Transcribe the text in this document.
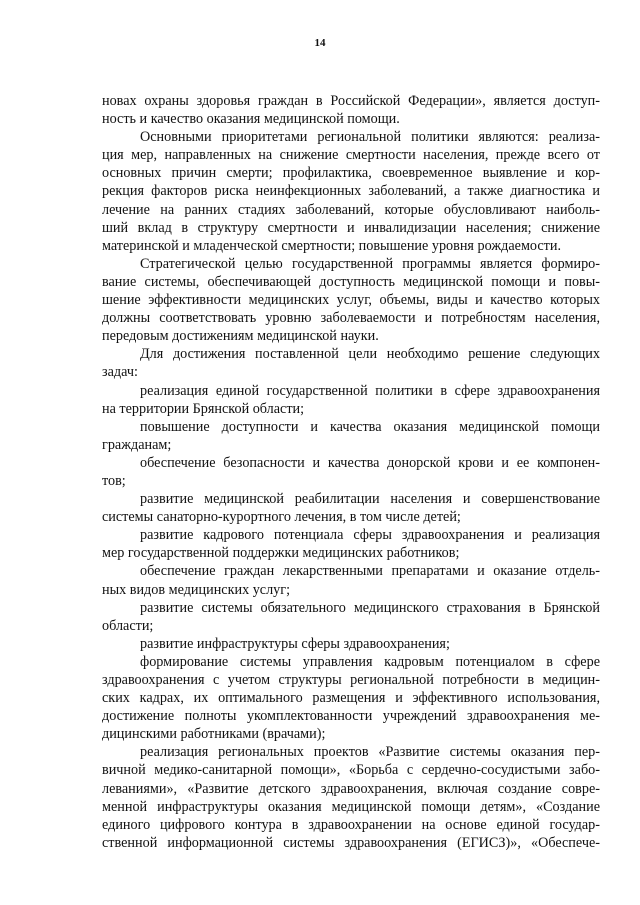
14
новах охраны здоровья граждан в Российской Федерации», является доступ-
ность и качество оказания медицинской помощи.
Основными приоритетами региональной политики являются: реализа-
ция мер, направленных на снижение смертности населения, прежде всего от
основных причин смерти; профилактика, своевременное выявление и кор-
рекция факторов риска неинфекционных заболеваний, а также диагностика и
лечение на ранних стадиях заболеваний, которые обусловливают наиболь-
ший вклад в структуру смертности и инвалидизации населения; снижение
материнской и младенческой смертности; повышение уровня рождаемости.
Стратегической целью государственной программы является формиро-
вание системы, обеспечивающей доступность медицинской помощи и повы-
шение эффективности медицинских услуг, объемы, виды и качество которых
должны соответствовать уровню заболеваемости и потребностям населения,
передовым достижениям медицинской науки.
Для достижения поставленной цели необходимо решение следующих
задач:
реализация единой государственной политики в сфере здравоохранения
на территории Брянской области;
повышение доступности и качества оказания медицинской помощи
гражданам;
обеспечение безопасности и качества донорской крови и ее компонен-
тов;
развитие медицинской реабилитации населения и совершенствование
системы санаторно-курортного лечения, в том числе детей;
развитие кадрового потенциала сферы здравоохранения и реализация
мер государственной поддержки медицинских работников;
обеспечение граждан лекарственными препаратами и оказание отдель-
ных видов медицинских услуг;
развитие системы обязательного медицинского страхования в Брянской
области;
развитие инфраструктуры сферы здравоохранения;
формирование системы управления кадровым потенциалом в сфере
здравоохранения с учетом структуры региональной потребности в медицин-
ских кадрах, их оптимального размещения и эффективного использования,
достижение полноты укомплектованности учреждений здравоохранения ме-
дицинскими работниками (врачами);
реализация региональных проектов «Развитие системы оказания пер-
вичной медико-санитарной помощи», «Борьба с сердечно-сосудистыми забо-
леваниями», «Развитие детского здравоохранения, включая создание совре-
менной инфраструктуры оказания медицинской помощи детям», «Создание
единого цифрового контура в здравоохранении на основе единой государ-
ственной информационной системы здравоохранения (ЕГИСЗ)», «Обеспече-
